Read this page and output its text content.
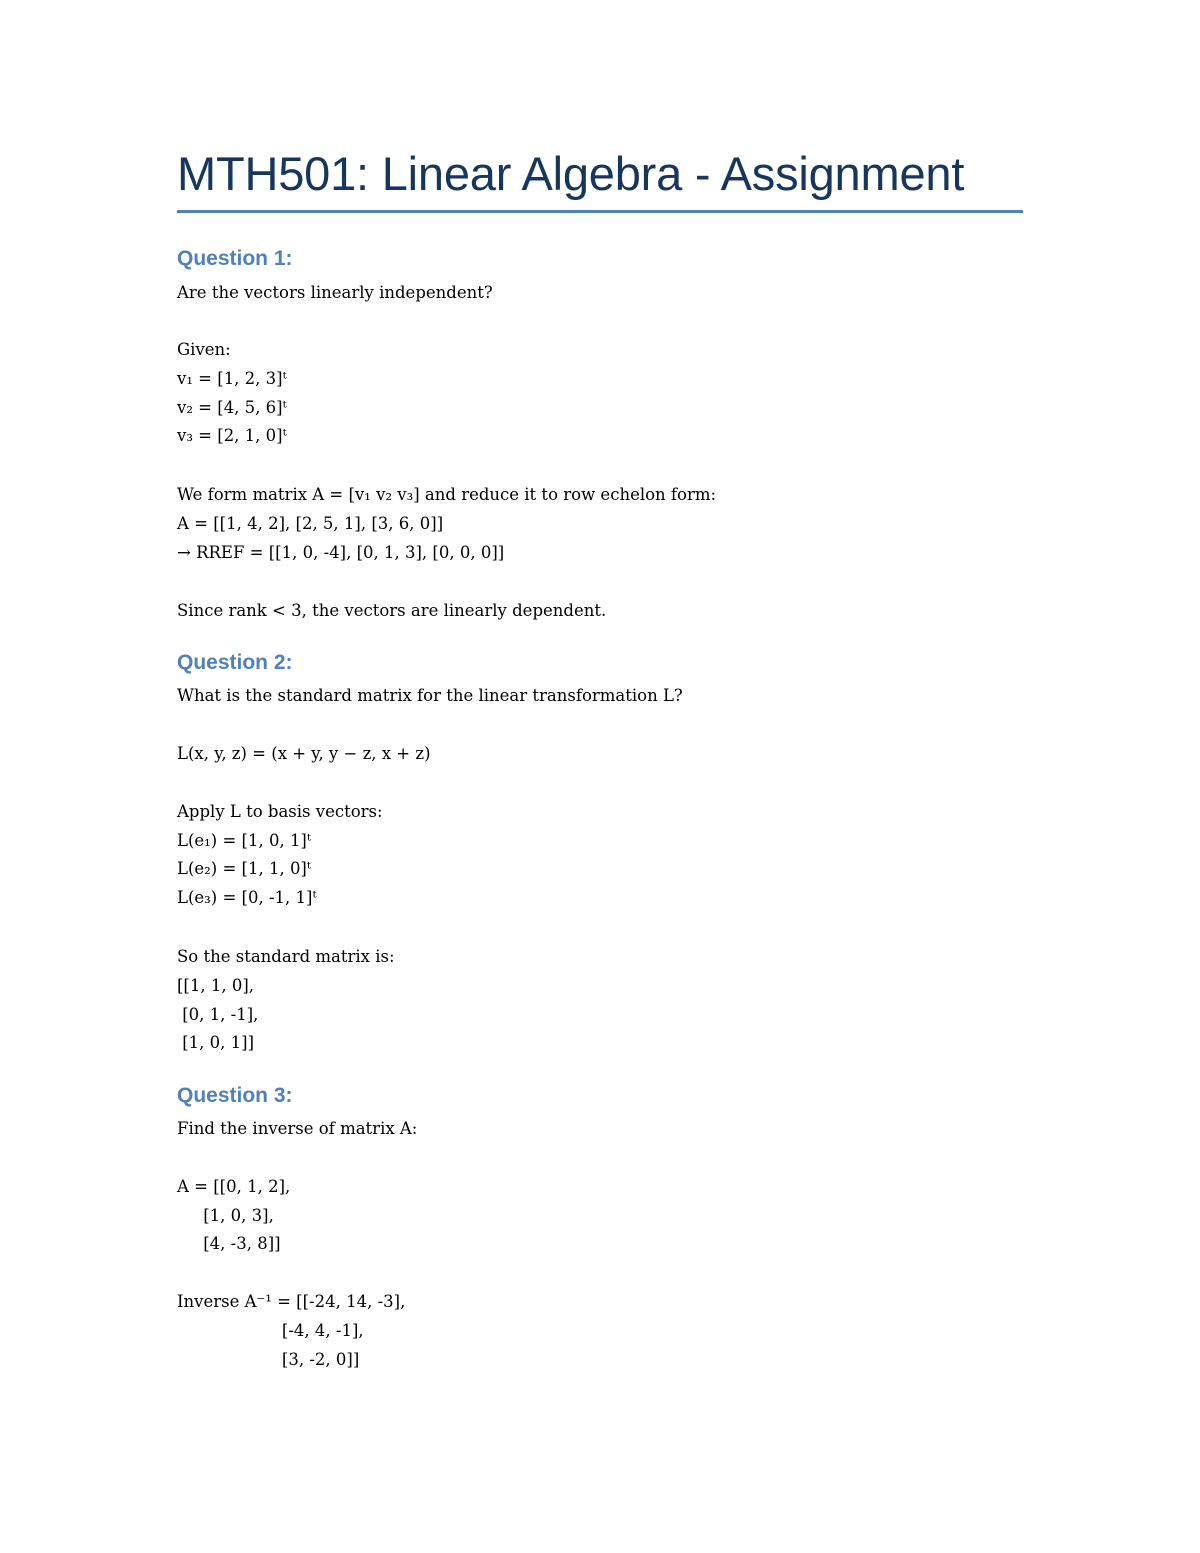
MTH501: Linear Algebra - Assignment
Question 1:
Are the vectors linearly independent?
Given:
v₁ = [1, 2, 3]ᵗ
v₂ = [4, 5, 6]ᵗ
v₃ = [2, 1, 0]ᵗ
We form matrix A = [v₁ v₂ v₃] and reduce it to row echelon form:
A = [[1, 4, 2], [2, 5, 1], [3, 6, 0]]
→ RREF = [[1, 0, -4], [0, 1, 3], [0, 0, 0]]
Since rank < 3, the vectors are linearly dependent.
Question 2:
What is the standard matrix for the linear transformation L?
L(x, y, z) = (x + y, y − z, x + z)
Apply L to basis vectors:
L(e₁) = [1, 0, 1]ᵗ
L(e₂) = [1, 1, 0]ᵗ
L(e₃) = [0, -1, 1]ᵗ
So the standard matrix is:
[[1, 1, 0],
[0, 1, -1],
[1, 0, 1]]
Question 3:
Find the inverse of matrix A:
A = [[0, 1, 2],
[1, 0, 3],
[4, -3, 8]]
Inverse A⁻¹ = [[-24, 14, -3],
[-4, 4, -1],
[3, -2, 0]]
